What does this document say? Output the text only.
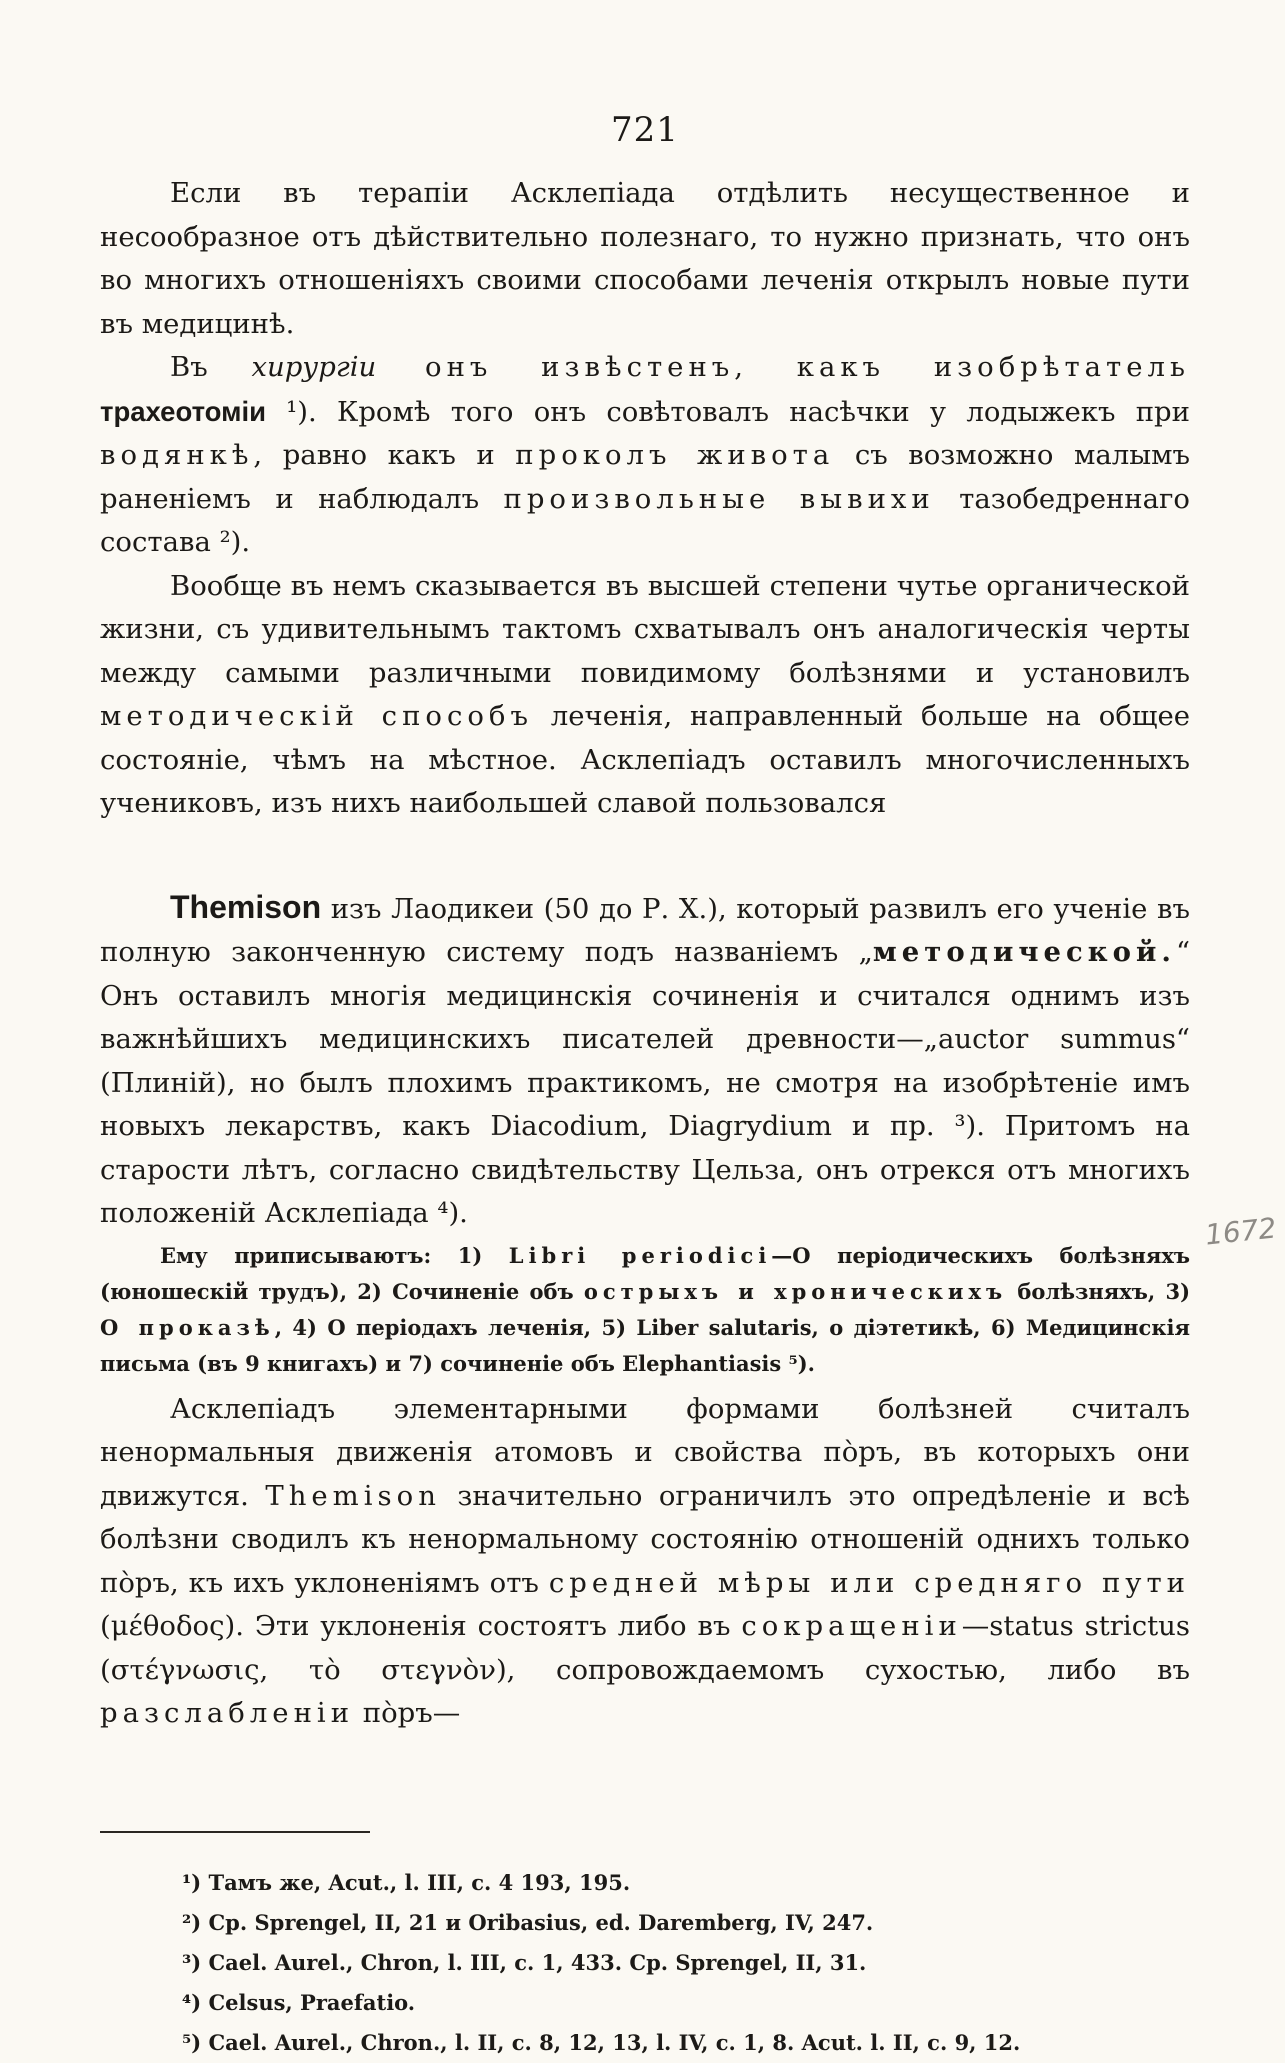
721

Если въ терапіи Асклепіада отдѣлить несущественное и несообразное отъ дѣйствительно полезнаго, то нужно признать, что онъ во многихъ отношеніяхъ своими способами леченія открылъ новые пути въ медицинѣ.

Въ хирургіи онъ извѣстенъ, какъ изобрѣтатель трахеотоміи ¹). Кромѣ того онъ совѣтовалъ насѣчки у лодыжекъ при водянкѣ, равно какъ и проколъ живота съ возможно малымъ раненіемъ и наблюдалъ произвольные вывихи тазобедреннаго состава ²).

Вообще въ немъ сказывается въ высшей степени чутье органической жизни, съ удивительнымъ тактомъ схватывалъ онъ аналогическія черты между самыми различными повидимому болѣзнями и установилъ методическій способъ леченія, направленный больше на общее состояніе, чѣмъ на мѣстное. Асклепіадъ оставилъ многочисленныхъ учениковъ, изъ нихъ наибольшей славой пользовался

Themison изъ Лаодикеи (50 до Р. Х.), который развилъ его ученіе въ полную законченную систему подъ названіемъ „методической.“ Онъ оставилъ многія медицинскія сочиненія и считался однимъ изъ важнѣйшихъ медицинскихъ писателей древности—„auctor summus“ (Плиній), но былъ плохимъ практикомъ, не смотря на изобрѣтеніе имъ новыхъ лекарствъ, какъ Diacodium, Diagrydium и пр. ³). Притомъ на старости лѣтъ, согласно свидѣтельству Цельза, онъ отрекся отъ многихъ положеній Асклепіада ⁴).

Ему приписываютъ: 1) Libri periodici—О періодическихъ болѣзняхъ (юношескій трудъ), 2) Сочиненіе объ острыхъ и хроническихъ болѣзняхъ, 3) О проказѣ, 4) О періодахъ леченія, 5) Liber salutaris, о діэтетикѣ, 6) Медицинскія письма (въ 9 книгахъ) и 7) сочиненіе объ Elephantiasis ⁵).

Асклепіадъ элементарными формами болѣзней считалъ ненормальныя движенія атомовъ и свойства пòръ, въ которыхъ они движутся. Themison значительно ограничилъ это опредѣленіе и всѣ болѣзни сводилъ къ ненормальному состоянію отношеній однихъ только пòръ, къ ихъ уклоненіямъ отъ средней мѣры или средняго пути (μέθοδος). Эти уклоненія состоятъ либо въ сокращеніи—status strictus (στέγνωσις, τὸ στεγνὸν), сопровождаемомъ сухостью, либо въ разслабленіи пòръ—

¹) Тамъ же, Acut., l. III, c. 4 193, 195.

²) Ср. Sprengel, II, 21 и Oribasius, ed. Daremberg, IV, 247.

³) Cael. Aurel., Chron, l. III, c. 1, 433. Ср. Sprengel, II, 31.

⁴) Celsus, Praefatio.

⁵) Cael. Aurel., Chron., l. II, c. 8, 12, 13, l. IV, c. 1, 8. Acut. l. II, c. 9, 12.

1672
